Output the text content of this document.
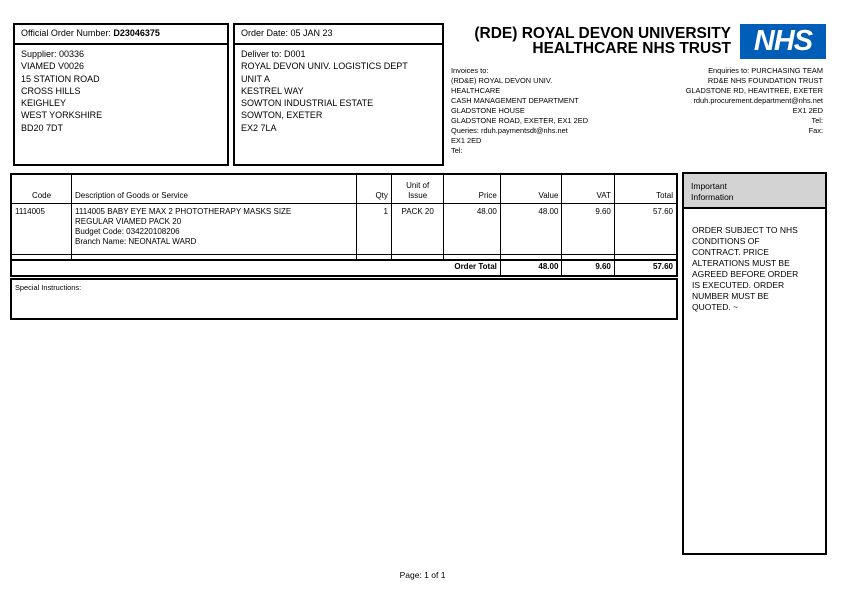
Official Order Number: D23046375
Supplier: 00336
VIAMED V0026
15 STATION ROAD
CROSS HILLS
KEIGHLEY
WEST YORKSHIRE
BD20 7DT
Order Date: 05 JAN 23
Deliver to: D001
ROYAL DEVON UNIV. LOGISTICS DEPT
UNIT A
KESTREL WAY
SOWTON INDUSTRIAL ESTATE
SOWTON, EXETER
EX2 7LA
(RDE) ROYAL DEVON UNIVERSITY
HEALTHCARE NHS TRUST NHS
Invoices to:
(RD&E) ROYAL DEVON UNIV.
HEALTHCARE
CASH MANAGEMENT DEPARTMENT
GLADSTONE HOUSE
GLADSTONE ROAD, EXETER, EX1 2ED
Queries: rduh.paymentsdt@nhs.net
EX1 2ED
Tel:
Enquiries to: PURCHASING TEAM
RD&E NHS FOUNDATION TRUST
GLADSTONE RD, HEAVITREE, EXETER
rduh.procurement.department@nhs.net
EX1 2ED
Tel:
Fax:
Code	Description of Goods or Service	Qty	Unit of
Issue	Price	Value	VAT	Total
1114005	1114005 BABY EYE MAX 2 PHOTOTHERAPY MASKS SIZE
REGULAR VIAMED PACK 20
Budget Code: 034220108206
Branch Name: NEONATAL WARD	1	PACK 20	48.00	48.00	9.60	57.60

Order Total					48.00	9.60	57.60
Special Instructions:
Important
Information
ORDER SUBJECT TO NHS
CONDITIONS OF
CONTRACT. PRICE
ALTERATIONS MUST BE
AGREED BEFORE ORDER
IS EXECUTED. ORDER
NUMBER MUST BE
QUOTED. ~
Page: 1 of 1
